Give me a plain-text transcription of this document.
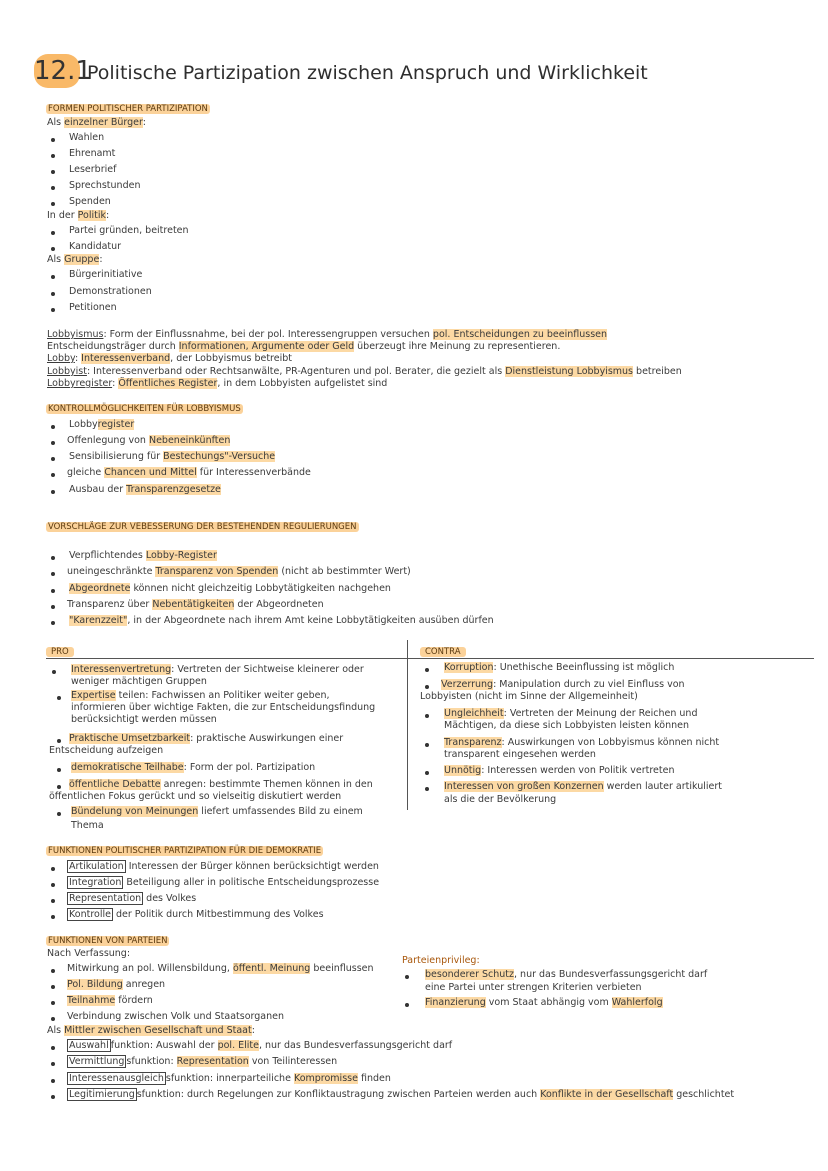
12.1
Politische Partizipation zwischen Anspruch und Wirklichkeit
FORMEN POLITISCHER PARTIZIPATION
Als einzelner Bürger:
Wahlen
Ehrenamt
Leserbrief
Sprechstunden
Spenden
In der Politik:
Partei gründen, beitreten
Kandidatur
Als Gruppe:
Bürgerinitiative
Demonstrationen
Petitionen
Lobbyismus: Form der Einflussnahme, bei der pol. Interessengruppen versuchen pol. Entscheidungen zu beeinflussen
Entscheidungsträger durch Informationen, Argumente oder Geld überzeugt ihre Meinung zu representieren.
Lobby: Interessenverband, der Lobbyismus betreibt
Lobbyist: Interessenverband oder Rechtsanwälte, PR-Agenturen und pol. Berater, die gezielt als Dienstleistung Lobbyismus betreiben
Lobbyregister: Öffentliches Register, in dem Lobbyisten aufgelistet sind
KONTROLLMÖGLICHKEITEN FÜR LOBBYISMUS
Lobbyregister
Offenlegung von Nebeneinkünften
Sensibilisierung für Bestechungs"-Versuche
gleiche Chancen und Mittel für Interessenverbände
Ausbau der Transparenzgesetze
VORSCHLÄGE ZUR VEBESSERUNG DER BESTEHENDEN REGULIERUNGEN
Verpflichtendes Lobby-Register
uneingeschränkte Transparenz von Spenden (nicht ab bestimmter Wert)
Abgeordnete können nicht gleichzeitig Lobbytätigkeiten nachgehen
Transparenz über Nebentätigkeiten der Abgeordneten
"Karenzzeit", in der Abgeordnete nach ihrem Amt keine Lobbytätigkeiten ausüben dürfen
PRO	CONTRA
Interessenvertretung: Vertreten der Sichtweise kleinerer oder
weniger mächtigen Gruppen
Expertise teilen: Fachwissen an Politiker weiter geben,
informieren über wichtige Fakten, die zur Entscheidungsfindung
berücksichtigt werden müssen
Praktische Umsetzbarkeit: praktische Auswirkungen einer
Entscheidung aufzeigen
demokratische Teilhabe: Form der pol. Partizipation
öffentliche Debatte anregen: bestimmte Themen können in den
öffentlichen Fokus gerückt und so vielseitig diskutiert werden
Bündelung von Meinungen liefert umfassendes Bild zu einem
Thema
Korruption: Unethische Beeinflussing ist möglich
Verzerrung: Manipulation durch zu viel Einfluss von
Lobbyisten (nicht im Sinne der Allgemeinheit)
Ungleichheit: Vertreten der Meinung der Reichen und
Mächtigen, da diese sich Lobbyisten leisten können
Transparenz: Auswirkungen von Lobbyismus können nicht
transparent eingesehen werden
Unnötig: Interessen werden von Politik vertreten
Interessen von großen Konzernen werden lauter artikuliert
als die der Bevölkerung
FUNKTIONEN POLITISCHER PARTIZIPATION FÜR DIE DEMOKRATIE
Artikulation Interessen der Bürger können berücksichtigt werden
Integration Beteiligung aller in politische Entscheidungsprozesse
Representation des Volkes
Kontrolle der Politik durch Mitbestimmung des Volkes
FUNKTIONEN VON PARTEIEN
Nach Verfassung:
Mitwirkung an pol. Willensbildung, öffentl. Meinung beeinflussen
Pol. Bildung anregen
Teilnahme fördern
Verbindung zwischen Volk und Staatsorganen
Als Mittler zwischen Gesellschaft und Staat:
Auswahl funktion: Auswahl der pol. Elite, nur das Bundesverfassungsgericht darf
Vermittlung sfunktion: Representation von Teilinteressen
Interessenausgleich sfunktion: innerparteiliche Kompromisse finden
Legitimierung sfunktion: durch Regelungen zur Konfliktaustragung zwischen Parteien werden auch Konflikte in der Gesellschaft geschlichtet
Parteienprivileg:
besonderer Schutz, nur das Bundesverfassungsgericht darf
eine Partei unter strengen Kriterien verbieten
Finanzierung vom Staat abhängig vom Wahlerfolg
